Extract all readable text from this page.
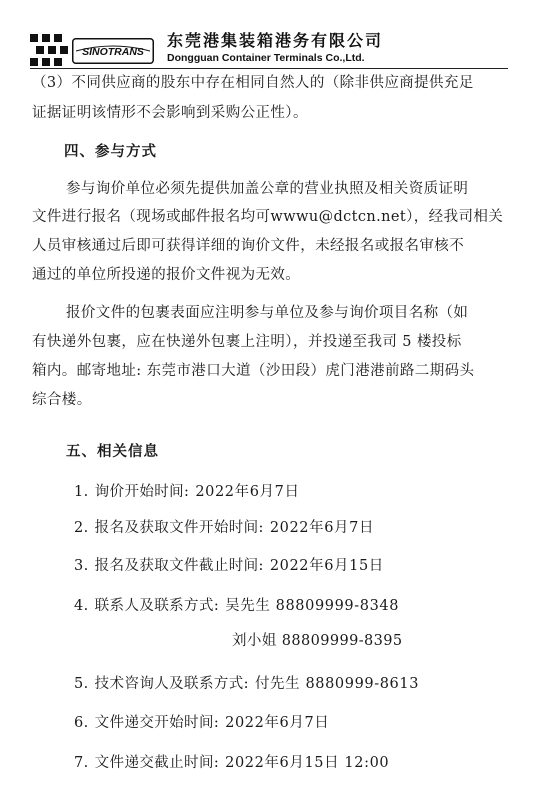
SINOTRANS
东莞港集装箱港务有限公司
Dongguan Container Terminals Co.,Ltd.
（3）不同供应商的股东中存在相同自然人的（除非供应商提供充足
证据证明该情形不会影响到采购公正性）。
四、参与方式
参与询价单位必须先提供加盖公章的营业执照及相关资质证明
文件进行报名（现场或邮件报名均可wwwu@dctcn.net），经我司相关
人员审核通过后即可获得详细的询价文件，未经报名或报名审核不
通过的单位所投递的报价文件视为无效。
报价文件的包裹表面应注明参与单位及参与询价项目名称（如
有快递外包裹，应在快递外包裹上注明），并投递至我司 5 楼投标
箱内。邮寄地址: 东莞市港口大道（沙田段）虎门港港前路二期码头
综合楼。
五、相关信息
1. 询价开始时间: 2022年6月7日
2. 报名及获取文件开始时间: 2022年6月7日
3. 报名及获取文件截止时间: 2022年6月15日
4. 联系人及联系方式: 吴先生 88809999-8348
刘小姐 88809999-8395
5. 技术咨询人及联系方式: 付先生 8880999-8613
6. 文件递交开始时间: 2022年6月7日
7. 文件递交截止时间: 2022年6月15日 12:00
